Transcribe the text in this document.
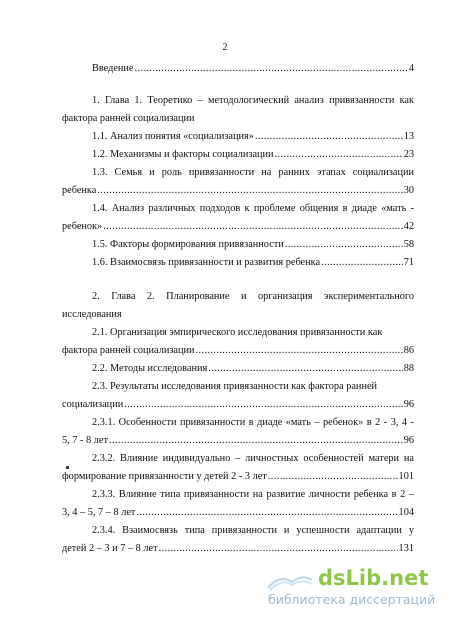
2
Введение .....	4
1. Глава 1. Теоретико – методологический анализ привязанности как
фактора ранней социализации
1.1. Анализ понятия «социализация» .....	13
1.2. Механизмы и факторы социализации .....	23
1.3. Семья и роль привязанности на ранних этапах социализации
ребенка .....	30
1.4. Анализ различных подходов к проблеме общения в диаде «мать -
ребенок» .....	42
1.5. Факторы формирования привязанности .....	58
1.6. Взаимосвязь привязанности и развития ребенка .....	71
2. Глава 2. Планирование и организация экспериментального
исследования
2.1. Организация эмпирического исследования привязанности как
фактора ранней социализации .....	86
2.2. Методы исследования .....	88
2.3. Результаты исследования привязанности как фактора ранней
социализации .....	96
2.3.1. Особенности привязанности в диаде «мать – ребенок» в 2 - 3, 4 -
5, 7 - 8 лет .....	96
2.3.2. Влияние индивидуально – личностных особенностей матери на
формирование привязанности у детей 2 - 3 лет .....	101
2.3.3. Влияние типа привязанности на развитие личности ребенка в 2 –
3, 4 – 5, 7 – 8 лет .....	104
2.3.4. Взаимосвязь типа привязанности и успешности адаптации у
детей 2 – 3 и 7 – 8 лет .....	131
dsLib.net
библиотека диссертаций
